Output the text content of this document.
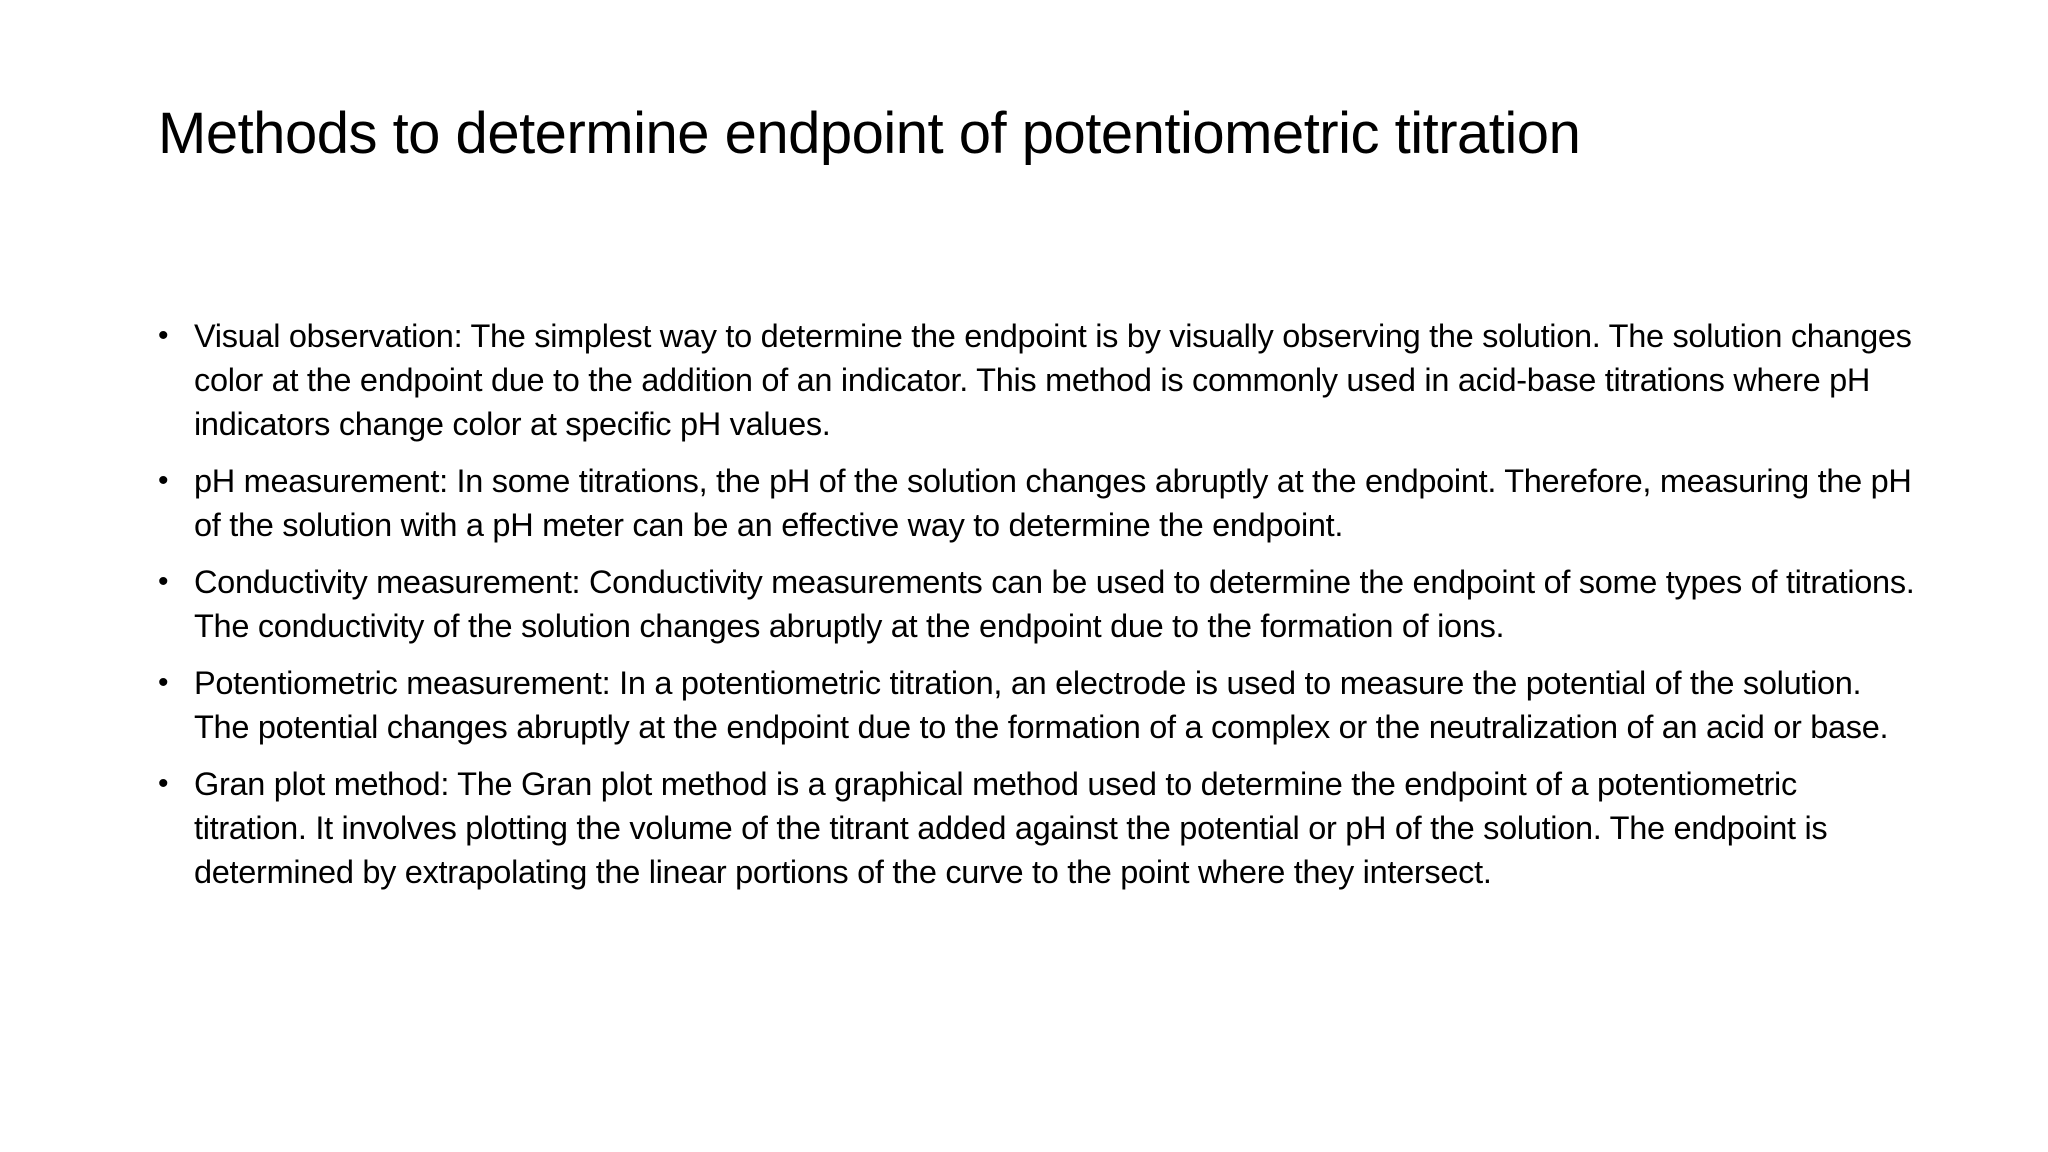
Methods to determine endpoint of potentiometric titration
• Visual observation: The simplest way to determine the endpoint is by visually observing the solution. The solution changes color at the endpoint due to the addition of an indicator. This method is commonly used in acid-base titrations where pH indicators change color at specific pH values.
• pH measurement: In some titrations, the pH of the solution changes abruptly at the endpoint. Therefore, measuring the pH of the solution with a pH meter can be an effective way to determine the endpoint.
• Conductivity measurement: Conductivity measurements can be used to determine the endpoint of some types of titrations. The conductivity of the solution changes abruptly at the endpoint due to the formation of ions.
• Potentiometric measurement: In a potentiometric titration, an electrode is used to measure the potential of the solution. The potential changes abruptly at the endpoint due to the formation of a complex or the neutralization of an acid or base.
• Gran plot method: The Gran plot method is a graphical method used to determine the endpoint of a potentiometric titration. It involves plotting the volume of the titrant added against the potential or pH of the solution. The endpoint is determined by extrapolating the linear portions of the curve to the point where they intersect.
